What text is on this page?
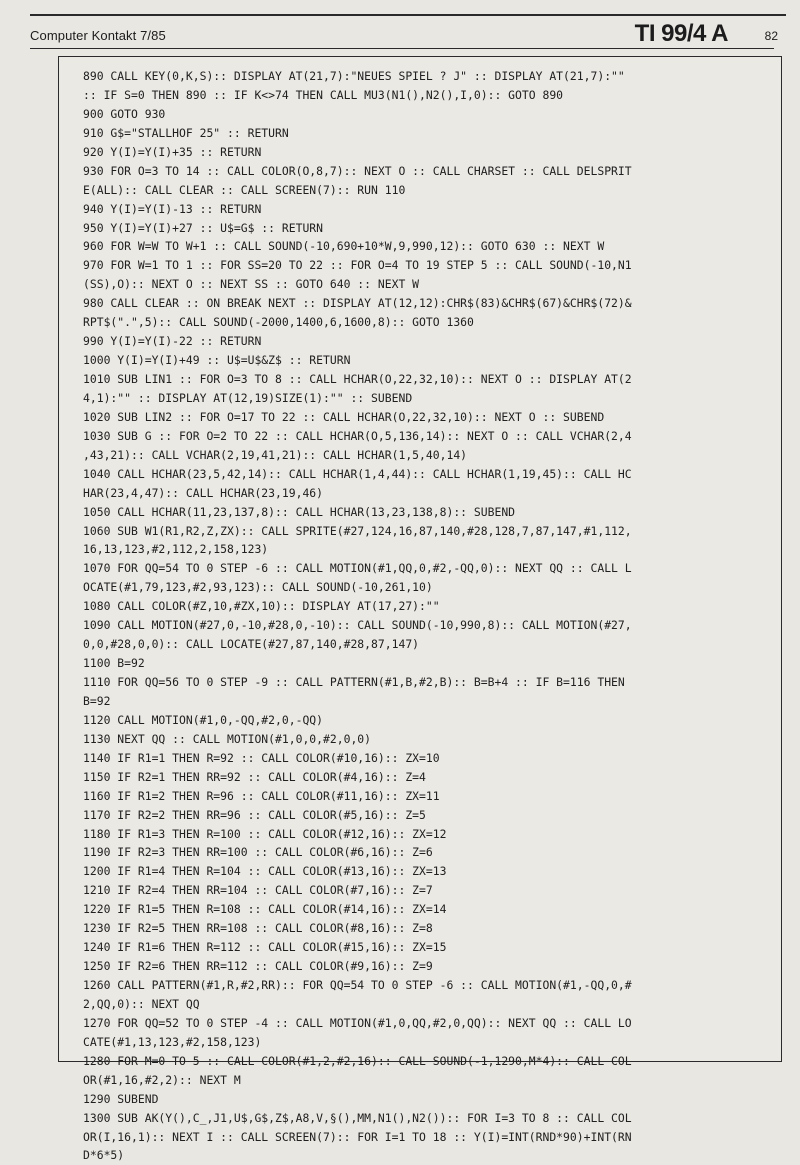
Computer Kontakt 7/85	TI 99/4 A	82
890 CALL KEY(0,K,S):: DISPLAY AT(21,7):"NEUES SPIEL ? J" :: DISPLAY AT(21,7):""
:: IF S=0 THEN 890 :: IF K<>74 THEN CALL MU3(N1(),N2(),I,0):: GOTO 890
900 GOTO 930
910 G$="STALLHOF 25" :: RETURN
920 Y(I)=Y(I)+35 :: RETURN
930 FOR O=3 TO 14 :: CALL COLOR(O,8,7):: NEXT O :: CALL CHARSET :: CALL DELSPRIT
E(ALL):: CALL CLEAR :: CALL SCREEN(7):: RUN 110
940 Y(I)=Y(I)-13 :: RETURN
950 Y(I)=Y(I)+27 :: U$=G$ :: RETURN
960 FOR W=W TO W+1 :: CALL SOUND(-10,690+10*W,9,990,12):: GOTO 630 :: NEXT W
970 FOR W=1 TO 1 :: FOR SS=20 TO 22 :: FOR O=4 TO 19 STEP 5 :: CALL SOUND(-10,N1
(SS),O):: NEXT O :: NEXT SS :: GOTO 640 :: NEXT W
980 CALL CLEAR :: ON BREAK NEXT :: DISPLAY AT(12,12):CHR$(83)&CHR$(67)&CHR$(72)&
RPT$(".",5):: CALL SOUND(-2000,1400,6,1600,8):: GOTO 1360
990 Y(I)=Y(I)-22 :: RETURN
1000 Y(I)=Y(I)+49 :: U$=U$&Z$ :: RETURN
1010 SUB LIN1 :: FOR O=3 TO 8 :: CALL HCHAR(O,22,32,10):: NEXT O :: DISPLAY AT(2
4,1):"" :: DISPLAY AT(12,19)SIZE(1):"" :: SUBEND
1020 SUB LIN2 :: FOR O=17 TO 22 :: CALL HCHAR(O,22,32,10):: NEXT O :: SUBEND
1030 SUB G :: FOR O=2 TO 22 :: CALL HCHAR(O,5,136,14):: NEXT O :: CALL VCHAR(2,4
,43,21):: CALL VCHAR(2,19,41,21):: CALL HCHAR(1,5,40,14)
1040 CALL HCHAR(23,5,42,14):: CALL HCHAR(1,4,44):: CALL HCHAR(1,19,45):: CALL HC
HAR(23,4,47):: CALL HCHAR(23,19,46)
1050 CALL HCHAR(11,23,137,8):: CALL HCHAR(13,23,138,8):: SUBEND
1060 SUB W1(R1,R2,Z,ZX):: CALL SPRITE(#27,124,16,87,140,#28,128,7,87,147,#1,112,
16,13,123,#2,112,2,158,123)
1070 FOR QQ=54 TO 0 STEP -6 :: CALL MOTION(#1,QQ,0,#2,-QQ,0):: NEXT QQ :: CALL L
OCATE(#1,79,123,#2,93,123):: CALL SOUND(-10,261,10)
1080 CALL COLOR(#Z,10,#ZX,10):: DISPLAY AT(17,27):""
1090 CALL MOTION(#27,0,-10,#28,0,-10):: CALL SOUND(-10,990,8):: CALL MOTION(#27,
0,0,#28,0,0):: CALL LOCATE(#27,87,140,#28,87,147)
1100 B=92
1110 FOR QQ=56 TO 0 STEP -9 :: CALL PATTERN(#1,B,#2,B):: B=B+4 :: IF B=116 THEN
B=92
1120 CALL MOTION(#1,0,-QQ,#2,0,-QQ)
1130 NEXT QQ :: CALL MOTION(#1,0,0,#2,0,0)
1140 IF R1=1 THEN R=92 :: CALL COLOR(#10,16):: ZX=10
1150 IF R2=1 THEN RR=92 :: CALL COLOR(#4,16):: Z=4
1160 IF R1=2 THEN R=96 :: CALL COLOR(#11,16):: ZX=11
1170 IF R2=2 THEN RR=96 :: CALL COLOR(#5,16):: Z=5
1180 IF R1=3 THEN R=100 :: CALL COLOR(#12,16):: ZX=12
1190 IF R2=3 THEN RR=100 :: CALL COLOR(#6,16):: Z=6
1200 IF R1=4 THEN R=104 :: CALL COLOR(#13,16):: ZX=13
1210 IF R2=4 THEN RR=104 :: CALL COLOR(#7,16):: Z=7
1220 IF R1=5 THEN R=108 :: CALL COLOR(#14,16):: ZX=14
1230 IF R2=5 THEN RR=108 :: CALL COLOR(#8,16):: Z=8
1240 IF R1=6 THEN R=112 :: CALL COLOR(#15,16):: ZX=15
1250 IF R2=6 THEN RR=112 :: CALL COLOR(#9,16):: Z=9
1260 CALL PATTERN(#1,R,#2,RR):: FOR QQ=54 TO 0 STEP -6 :: CALL MOTION(#1,-QQ,0,#
2,QQ,0):: NEXT QQ
1270 FOR QQ=52 TO 0 STEP -4 :: CALL MOTION(#1,0,QQ,#2,0,QQ):: NEXT QQ :: CALL LO
CATE(#1,13,123,#2,158,123)
1280 FOR M=0 TO 5 :: CALL COLOR(#1,2,#2,16):: CALL SOUND(-1,1290,M*4):: CALL COL
OR(#1,16,#2,2):: NEXT M
1290 SUBEND
1300 SUB AK(Y(),C_,J1,U$,G$,Z$,A8,V,§(),MM,N1(),N2()):: FOR I=3 TO 8 :: CALL COL
OR(I,16,1):: NEXT I :: CALL SCREEN(7):: FOR I=1 TO 18 :: Y(I)=INT(RND*90)+INT(RN
D*6*5)
